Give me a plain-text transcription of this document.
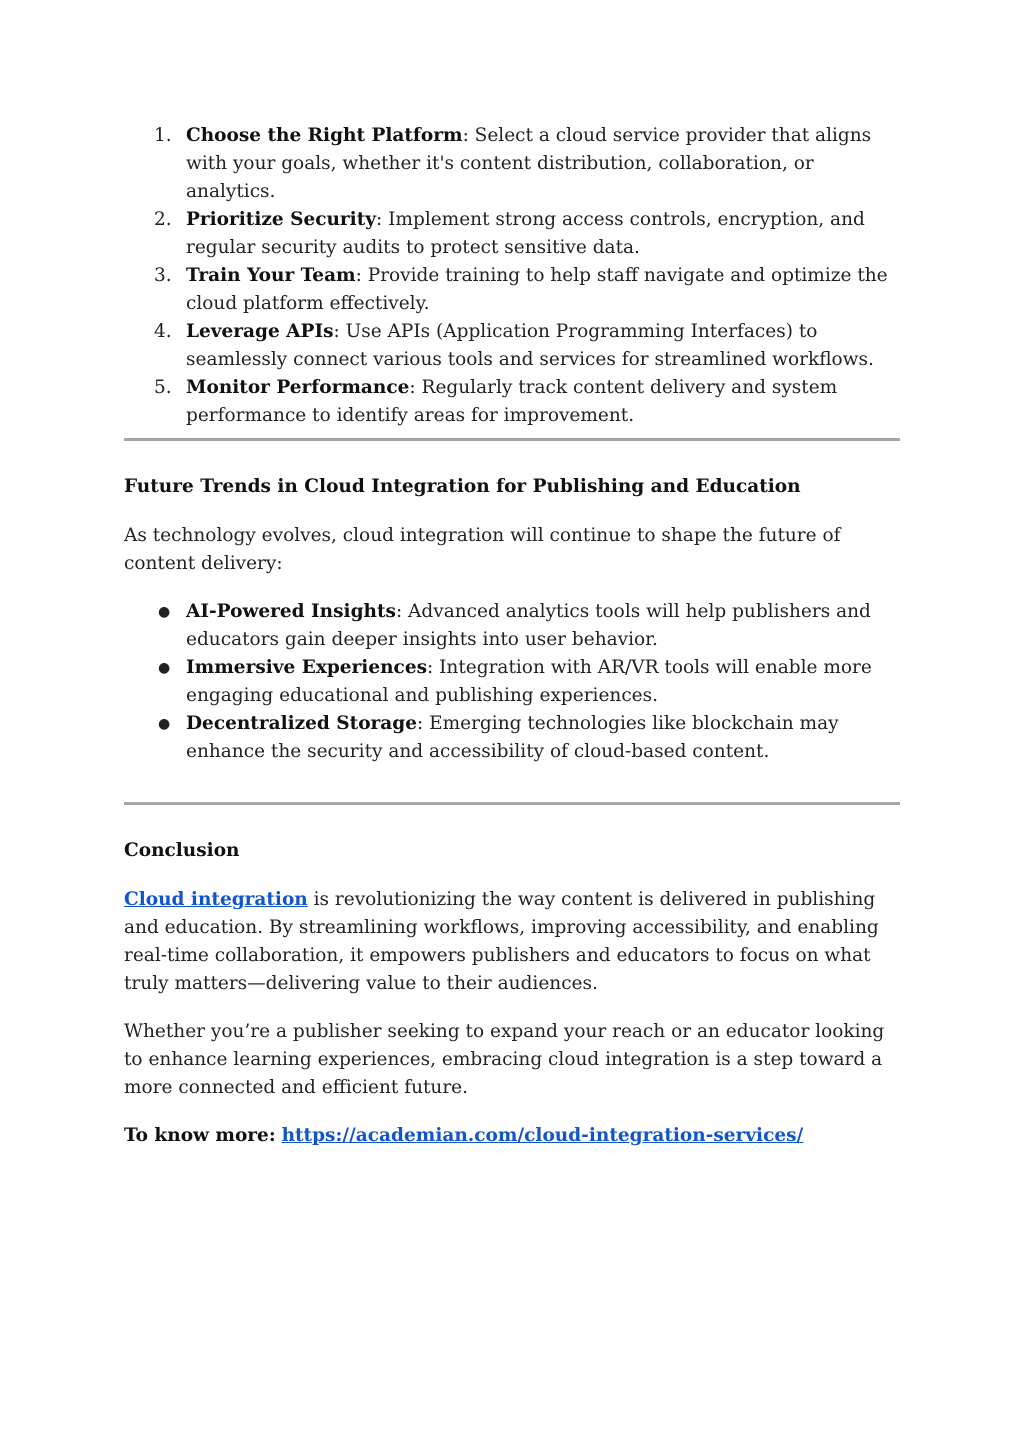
1. Choose the Right Platform: Select a cloud service provider that aligns with your goals, whether it's content distribution, collaboration, or analytics.
2. Prioritize Security: Implement strong access controls, encryption, and regular security audits to protect sensitive data.
3. Train Your Team: Provide training to help staff navigate and optimize the cloud platform effectively.
4. Leverage APIs: Use APIs (Application Programming Interfaces) to seamlessly connect various tools and services for streamlined workflows.
5. Monitor Performance: Regularly track content delivery and system performance to identify areas for improvement.
Future Trends in Cloud Integration for Publishing and Education

As technology evolves, cloud integration will continue to shape the future of content delivery:

● AI-Powered Insights: Advanced analytics tools will help publishers and educators gain deeper insights into user behavior.
● Immersive Experiences: Integration with AR/VR tools will enable more engaging educational and publishing experiences.
● Decentralized Storage: Emerging technologies like blockchain may enhance the security and accessibility of cloud-based content.
Conclusion

Cloud integration is revolutionizing the way content is delivered in publishing and education. By streamlining workflows, improving accessibility, and enabling real-time collaboration, it empowers publishers and educators to focus on what truly matters—delivering value to their audiences.

Whether you’re a publisher seeking to expand your reach or an educator looking to enhance learning experiences, embracing cloud integration is a step toward a more connected and efficient future.

To know more: https://academian.com/cloud-integration-services/
